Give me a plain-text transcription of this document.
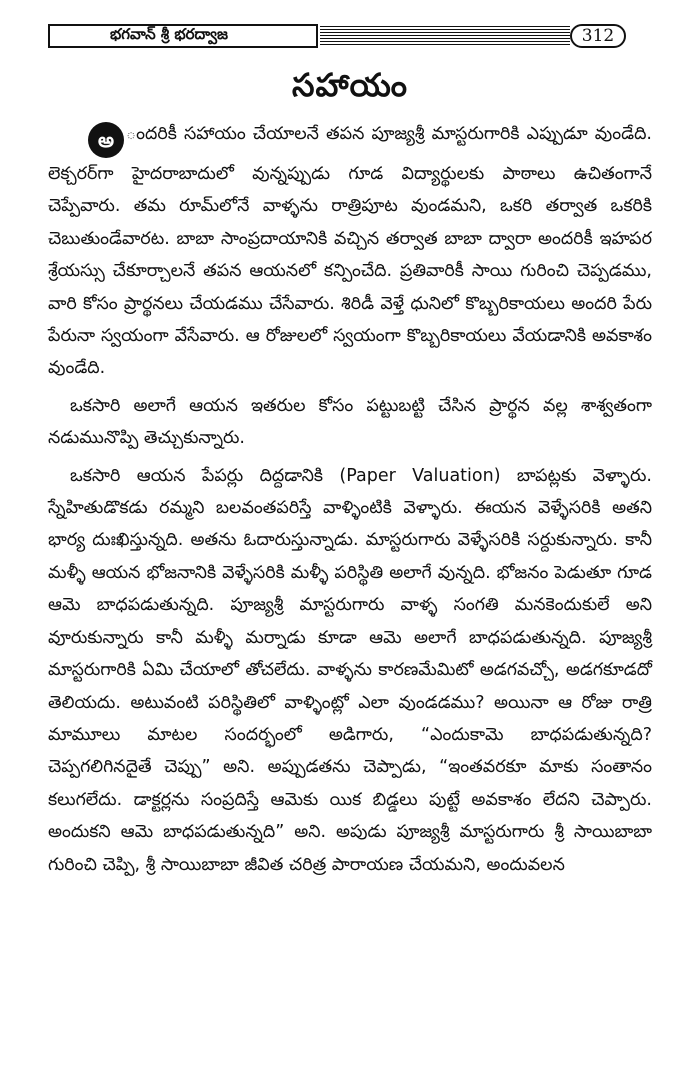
భగవాన్ శ్రీ భరద్వాజ	312
సహాయం

అ ందరికీ సహాయం చేయాలనే తపన పూజ్యశ్రీ మాస్టరుగారికి ఎప్పుడూ వుండేది. లెక్చరర్‌గా హైదరాబాదులో వున్నప్పుడు గూడ విద్యార్థులకు పాఠాలు ఉచితంగానే చెప్పేవారు. తమ రూమ్‌లోనే వాళ్ళను రాత్రిపూట వుండమని, ఒకరి తర్వాత ఒకరికి చెబుతుండేవారట. బాబా సాంప్రదాయానికి వచ్చిన తర్వాత బాబా ద్వారా అందరికీ ఇహపర శ్రేయస్సు చేకూర్చాలనే తపన ఆయనలో కన్పించేది. ప్రతివారికీ సాయి గురించి చెప్పడము, వారి కోసం ప్రార్థనలు చేయడము చేసేవారు. శిరిడీ వెళ్తే ధునిలో కొబ్బరికాయలు అందరి పేరు పేరునా స్వయంగా వేసేవారు. ఆ రోజులలో స్వయంగా కొబ్బరికాయలు వేయడానికి అవకాశం వుండేది.

ఒకసారి అలాగే ఆయన ఇతరుల కోసం పట్టుబట్టి చేసిన ప్రార్థన వల్ల శాశ్వతంగా నడుమునొప్పి తెచ్చుకున్నారు.

ఒకసారి ఆయన పేపర్లు దిద్దడానికి (Paper Valuation) బాపట్లకు వెళ్ళారు. స్నేహితుడొకడు రమ్మని బలవంతపరిస్తే వాళ్ళింటికి వెళ్ళారు. ఈయన వెళ్ళేసరికి అతని భార్య దుఃఖిస్తున్నది. అతను ఓదారుస్తున్నాడు. మాస్టరుగారు వెళ్ళేసరికి సర్దుకున్నారు. కానీ మళ్ళీ ఆయన భోజనానికి వెళ్ళేసరికి మళ్ళీ పరిస్థితి అలాగే వున్నది. భోజనం పెడుతూ గూడ ఆమె బాధపడుతున్నది. పూజ్యశ్రీ మాస్టరుగారు వాళ్ళ సంగతి మనకెందుకులే అని వూరుకున్నారు కానీ మళ్ళీ మర్నాడు కూడా ఆమె అలాగే బాధపడుతున్నది. పూజ్యశ్రీ మాస్టరుగారికి ఏమి చేయాలో తోచలేదు. వాళ్ళను కారణమేమిటో అడగవచ్చో, అడగకూడదో తెలియదు. అటువంటి పరిస్థితిలో వాళ్ళింట్లో ఎలా వుండడము? అయినా ఆ రోజు రాత్రి మామూలు మాటల సందర్భంలో అడిగారు, “ఎందుకామె బాధపడుతున్నది? చెప్పగలిగినదైతే చెప్పు” అని. అప్పుడతను చెప్పాడు, “ఇంతవరకూ మాకు సంతానం కలుగలేదు. డాక్టర్లను సంప్రదిస్తే ఆమెకు యిక బిడ్డలు పుట్టే అవకాశం లేదని చెప్పారు. అందుకని ఆమె బాధపడుతున్నది” అని. అపుడు పూజ్యశ్రీ మాస్టరుగారు శ్రీ సాయిబాబా గురించి చెప్పి, శ్రీ సాయిబాబా జీవిత చరిత్ర పారాయణ చేయమని, అందువలన
